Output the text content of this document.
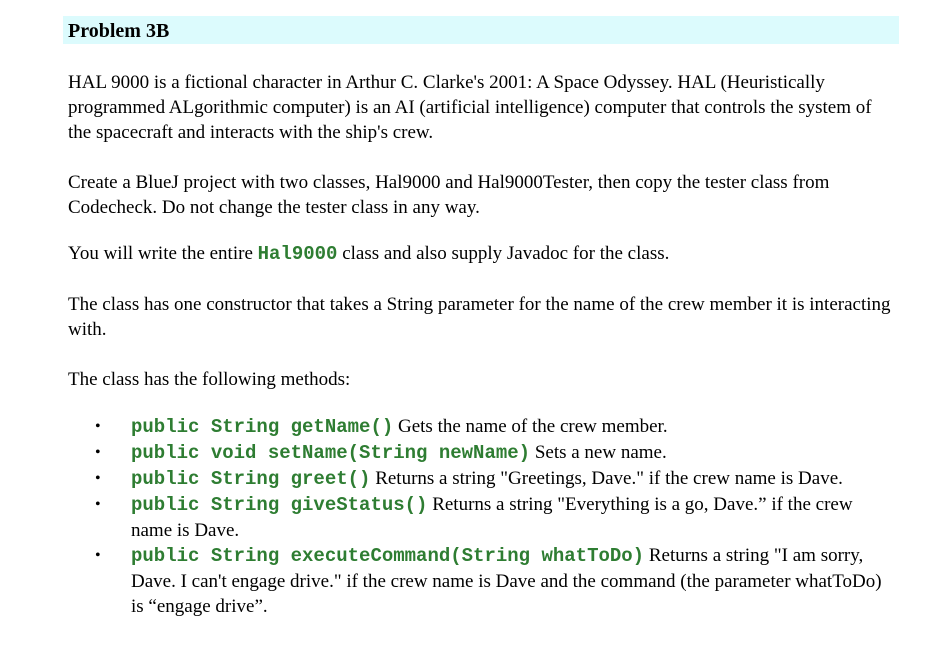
Problem 3B

HAL 9000 is a fictional character in Arthur C. Clarke's 2001: A Space Odyssey. HAL (Heuristically programmed ALgorithmic computer) is an AI (artificial intelligence) computer that controls the system of the spacecraft and interacts with the ship's crew.

Create a BlueJ project with two classes, Hal9000 and Hal9000Tester, then copy the tester class from Codecheck. Do not change the tester class in any way.

You will write the entire Hal9000 class and also supply Javadoc for the class.

The class has one constructor that takes a String parameter for the name of the crew member it is interacting with.

The class has the following methods:

• public String getName() Gets the name of the crew member.
• public void setName(String newName) Sets a new name.
• public String greet() Returns a string "Greetings, Dave." if the crew name is Dave.
• public String giveStatus() Returns a string "Everything is a go, Dave.” if the crew name is Dave.
• public String executeCommand(String whatToDo) Returns a string "I am sorry, Dave. I can't engage drive." if the crew name is Dave and the command (the parameter whatToDo) is “engage drive”.
